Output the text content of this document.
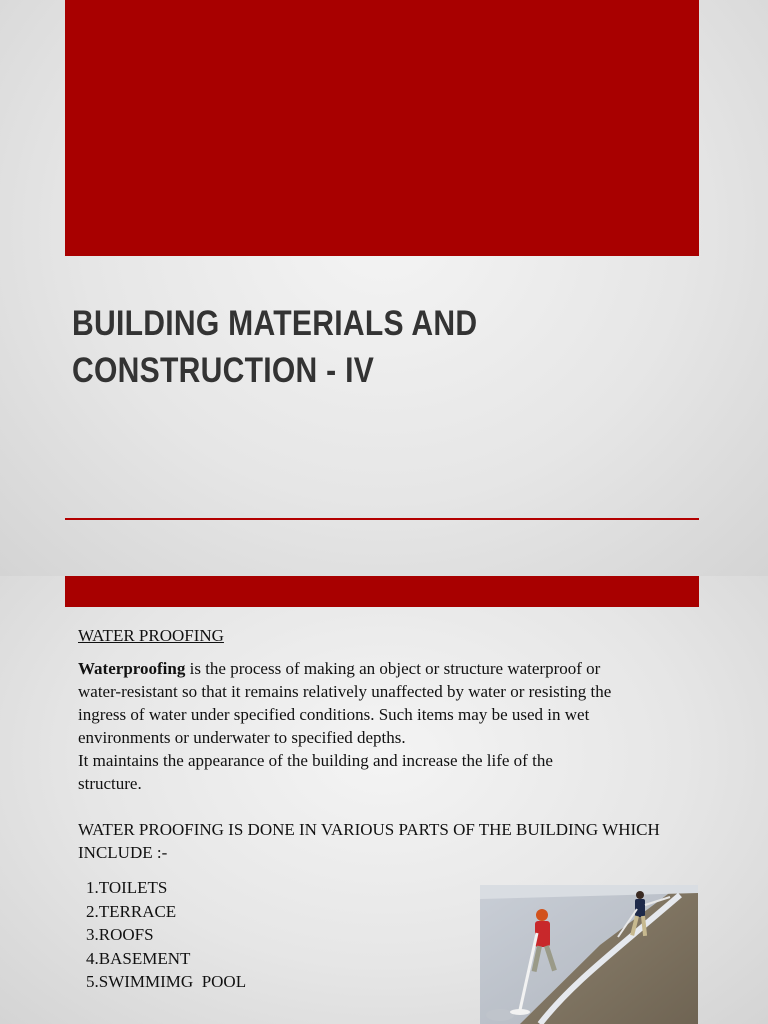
BUILDING MATERIALS AND
CONSTRUCTION - IV
WATER PROOFING

Waterproofing is the process of making an object or structure waterproof or water-resistant so that it remains relatively unaffected by water or resisting the ingress of water under specified conditions. Such items may be used in wet environments or underwater to specified depths.

It maintains the appearance of the building and increase the life of the structure.

WATER PROOFING IS DONE IN VARIOUS PARTS OF THE BUILDING WHICH INCLUDE :-

1.TOILETS
2.TERRACE
3.ROOFS
4.BASEMENT
5.SWIMMIMG  POOL
